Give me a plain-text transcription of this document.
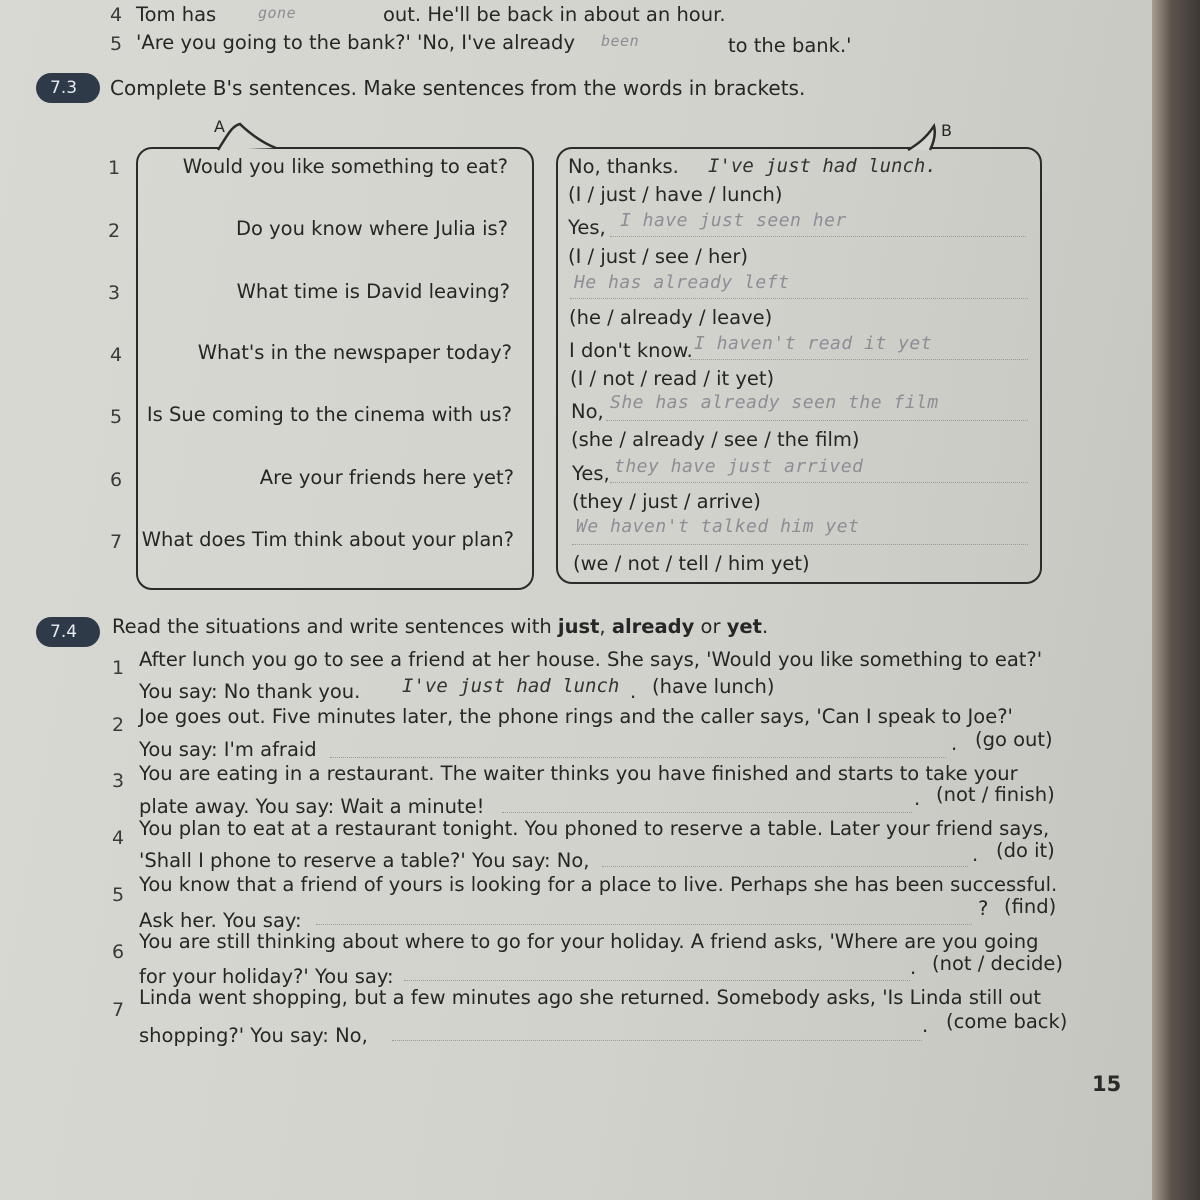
4 Tom has	gone	out. He'll be back in about an hour.
5 'Are you going to the bank?' 'No, I've already been	to the bank.'
7.3	Complete B's sentences. Make sentences from the words in brackets.
A	B
1	Would you like something to eat?	No, thanks. I've just had lunch.
(I / just / have / lunch)
2	Do you know where Julia is?	Yes, I have just seen her
(I / just / see / her)
3	What time is David leaving?	He has already left
(he / already / leave)
4	What's in the newspaper today?	I don't know. I haven't read it yet
(I / not / read / it yet)
5 Is Sue coming to the cinema with us?	No, She has already seen the film
(she / already / see / the film)
6	Are your friends here yet?	Yes, they have just arrived
(they / just / arrive)
7 What does Tim think about your plan?
We haven't talked him yet
(we / not / tell / him yet)
7.4	Read the situations and write sentences with just, already or yet.
1 After lunch you go to see a friend at her house. She says, 'Would you like something to eat?'
You say: No thank you. I've just had lunch . (have lunch)
2 Joe goes out. Five minutes later, the phone rings and the caller says, 'Can I speak to Joe?'
You say: I'm afraid	. (go out)
3 You are eating in a restaurant. The waiter thinks you have finished and starts to take your
plate away. You say: Wait a minute!	. (not / finish)
4 You plan to eat at a restaurant tonight. You phoned to reserve a table. Later your friend says,
'Shall I phone to reserve a table?' You say: No,	. (do it)
5 You know that a friend of yours is looking for a place to live. Perhaps she has been successful.
Ask her. You say:
? (find)
6 You are still thinking about where to go for your holiday. A friend asks, 'Where are you going
for your holiday?' You say:	. (not / decide)
7
Linda went shopping, but a few minutes ago she returned. Somebody asks, 'Is Linda still out
shopping?' You say: No,	. (come back)
15
